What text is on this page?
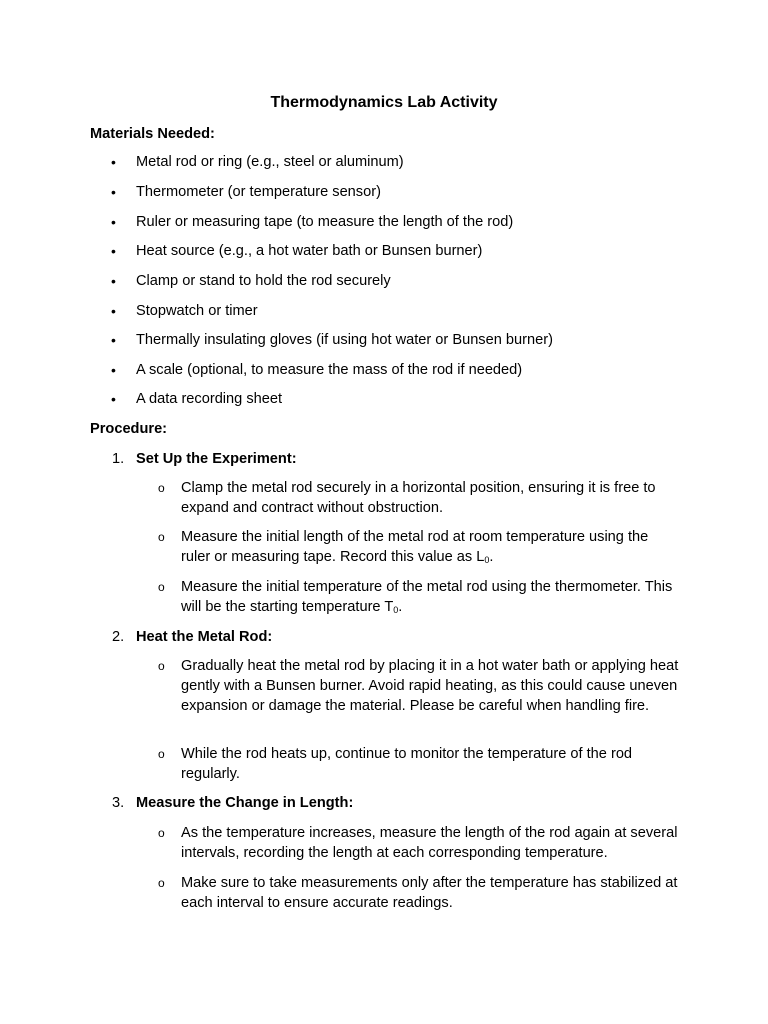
Thermodynamics Lab Activity
Materials Needed:
•	Metal rod or ring (e.g., steel or aluminum)
•	Thermometer (or temperature sensor)
•	Ruler or measuring tape (to measure the length of the rod)
•	Heat source (e.g., a hot water bath or Bunsen burner)
•	Clamp or stand to hold the rod securely
•	Stopwatch or timer
•	Thermally insulating gloves (if using hot water or Bunsen burner)
•	A scale (optional, to measure the mass of the rod if needed)
•	A data recording sheet
Procedure:
1. Set Up the Experiment:
o Clamp the metal rod securely in a horizontal position, ensuring it is free to expand and contract without obstruction.
o Measure the initial length of the metal rod at room temperature using the ruler or measuring tape. Record this value as $L_0$.
o Measure the initial temperature of the metal rod using the thermometer. This will be the starting temperature $T_0$.
2. Heat the Metal Rod:
o Gradually heat the metal rod by placing it in a hot water bath or applying heat gently with a Bunsen burner. Avoid rapid heating, as this could cause uneven expansion or damage the material. Please be careful when handling fire.
o While the rod heats up, continue to monitor the temperature of the rod regularly.
3. Measure the Change in Length:
o As the temperature increases, measure the length of the rod again at several intervals, recording the length at each corresponding temperature.
o Make sure to take measurements only after the temperature has stabilized at each interval to ensure accurate readings.
